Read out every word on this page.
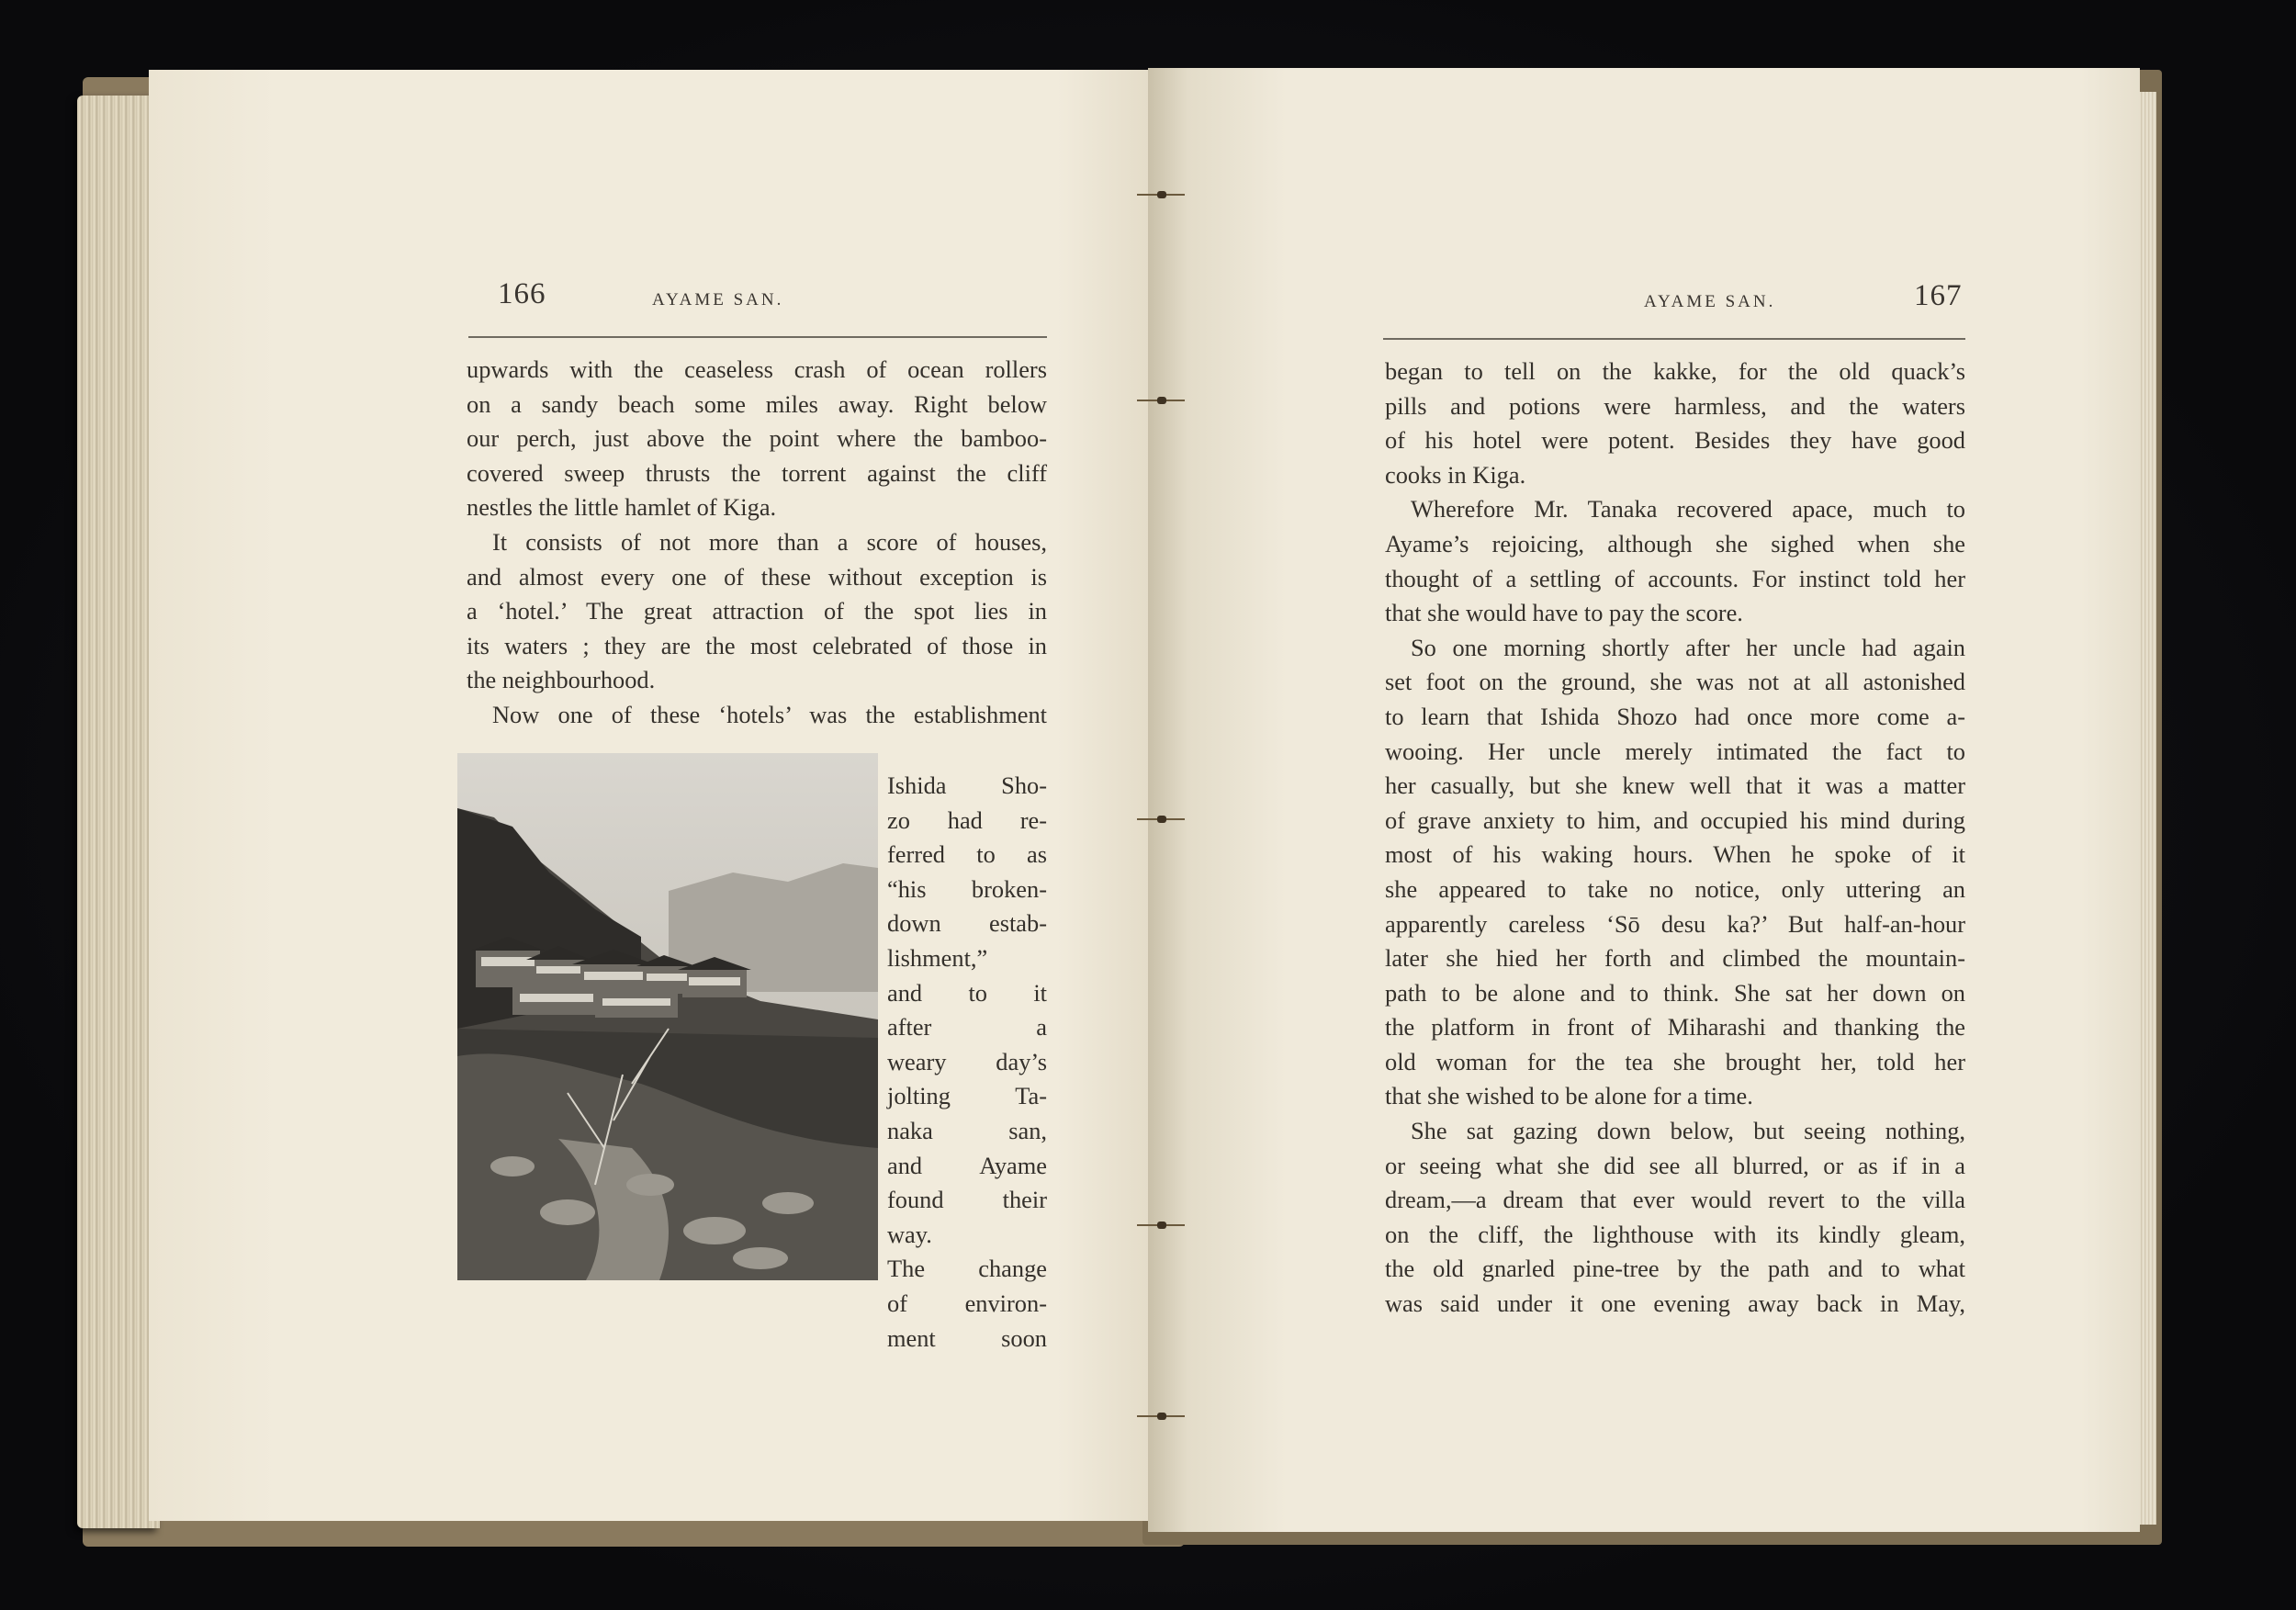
166	AYAME SAN.
upwards with the ceaseless crash of ocean rollers
on a sandy beach some miles away. Right below
our perch, just above the point where the bamboo-
covered sweep thrusts the torrent against the cliff
nestles the little hamlet of Kiga.
It consists of not more than a score of houses,
and almost every one of these without exception is
a ‘hotel.’ The great attraction of the spot lies in
its waters ; they are the most celebrated of those in
the neighbourhood.
Now one of these ‘hotels’ was the establishment
Ishida Sho-
zo had re-
ferred to as
“his broken-
down estab-
lishment,”
and to it
after a
weary day’s
jolting Ta-
naka san,
and Ayame
found their
way.
The change
of environ-
ment soon
AYAME SAN.	167
began to tell on the kakke, for the old quack’s
pills and potions were harmless, and the waters
of his hotel were potent. Besides they have good
cooks in Kiga.
Wherefore Mr. Tanaka recovered apace, much to
Ayame’s rejoicing, although she sighed when she
thought of a settling of accounts. For instinct told her
that she would have to pay the score.
So one morning shortly after her uncle had again
set foot on the ground, she was not at all astonished
to learn that Ishida Shozo had once more come a-
wooing. Her uncle merely intimated the fact to
her casually, but she knew well that it was a matter
of grave anxiety to him, and occupied his mind during
most of his waking hours. When he spoke of it
she appeared to take no notice, only uttering an
apparently careless ‘Sō desu ka?’ But half-an-hour
later she hied her forth and climbed the mountain-
path to be alone and to think. She sat her down on
the platform in front of Miharashi and thanking the
old woman for the tea she brought her, told her
that she wished to be alone for a time.
She sat gazing down below, but seeing nothing,
or seeing what she did see all blurred, or as if in a
dream,—a dream that ever would revert to the villa
on the cliff, the lighthouse with its kindly gleam,
the old gnarled pine-tree by the path and to what
was said under it one evening away back in May,
